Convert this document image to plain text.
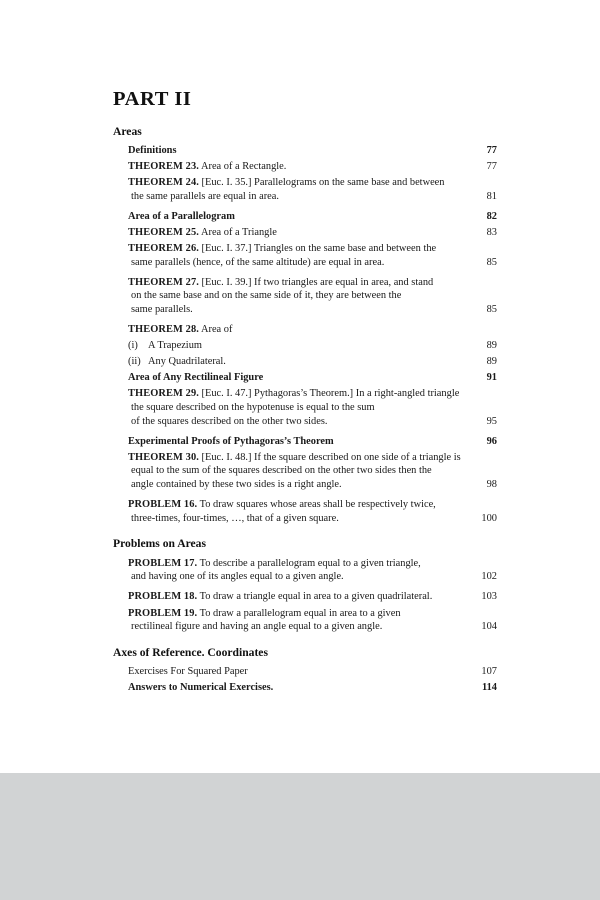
PART II
Areas
Definitions	77
THEOREM 23. Area of a Rectangle.	77
THEOREM 24. [Euc. I. 35.] Parallelograms on the same base and between
the same parallels are equal in area.	81
Area of a Parallelogram	82
THEOREM 25. Area of a Triangle	83
THEOREM 26. [Euc. I. 37.] Triangles on the same base and between the
same parallels (hence, of the same altitude) are equal in area.	85
THEOREM 27. [Euc. I. 39.] If two triangles are equal in area, and stand
on the same base and on the same side of it, they are between the
same parallels.	85
THEOREM 28. Area of
(i) A Trapezium	89
(ii) Any Quadrilateral.	89
Area of Any Rectilineal Figure	91
THEOREM 29. [Euc. I. 47.] Pythagoras’s Theorem.] In a right-angled triangle
the square described on the hypotenuse is equal to the sum
of the squares described on the other two sides.	95
Experimental Proofs of Pythagoras’s Theorem	96
THEOREM 30. [Euc. I. 48.] If the square described on one side of a triangle is
equal to the sum of the squares described on the other two sides then the
angle contained by these two sides is a right angle.	98
PROBLEM 16. To draw squares whose areas shall be respectively twice,
three-times, four-times, …, that of a given square.	100
Problems on Areas
PROBLEM 17. To describe a parallelogram equal to a given triangle,
and having one of its angles equal to a given angle.	102
PROBLEM 18. To draw a triangle equal in area to a given quadrilateral.	103
PROBLEM 19. To draw a parallelogram equal in area to a given
rectilineal figure and having an angle equal to a given angle.	104
Axes of Reference. Coordinates
Exercises For Squared Paper	107
Answers to Numerical Exercises.	114
